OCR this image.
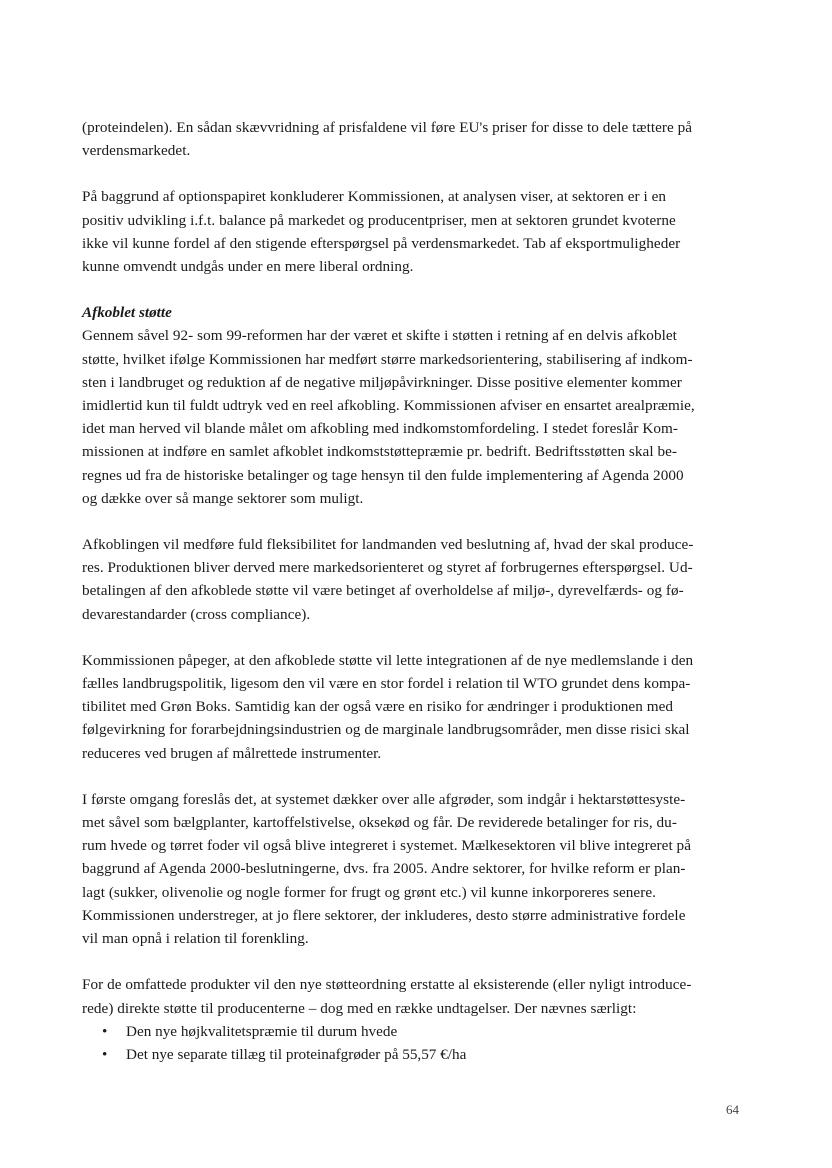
(proteindelen). En sådan skævvridning af prisfaldene vil føre EU's priser for disse to dele tættere på
verdensmarkedet.

På baggrund af optionspapiret konkluderer Kommissionen, at analysen viser, at sektoren er i en
positiv udvikling i.f.t. balance på markedet og producentpriser, men at sektoren grundet kvoterne
ikke vil kunne fordel af den stigende efterspørgsel på verdensmarkedet. Tab af eksportmuligheder
kunne omvendt undgås under en mere liberal ordning.

Afkoblet støtte

Gennem såvel 92- som 99-reformen har der været et skifte i støtten i retning af en delvis afkoblet
støtte, hvilket ifølge Kommissionen har medført større markedsorientering, stabilisering af indkom-
sten i landbruget og reduktion af de negative miljøpåvirkninger. Disse positive elementer kommer
imidlertid kun til fuldt udtryk ved en reel afkobling. Kommissionen afviser en ensartet arealpræmie,
idet man herved vil blande målet om afkobling med indkomstomfordeling. I stedet foreslår Kom-
missionen at indføre en samlet afkoblet indkomststøttepræmie pr. bedrift. Bedriftsstøtten skal be-
regnes ud fra de historiske betalinger og tage hensyn til den fulde implementering af Agenda 2000
og dække over så mange sektorer som muligt.

Afkoblingen vil medføre fuld fleksibilitet for landmanden ved beslutning af, hvad der skal produce-
res. Produktionen bliver derved mere markedsorienteret og styret af forbrugernes efterspørgsel. Ud-
betalingen af den afkoblede støtte vil være betinget af overholdelse af miljø-, dyrevelfærds- og fø-
devarestandarder (cross compliance).

Kommissionen påpeger, at den afkoblede støtte vil lette integrationen af de nye medlemslande i den
fælles landbrugspolitik, ligesom den vil være en stor fordel i relation til WTO grundet dens kompa-
tibilitet med Grøn Boks. Samtidig kan der også være en risiko for ændringer i produktionen med
følgevirkning for forarbejdningsindustrien og de marginale landbrugsområder, men disse risici skal
reduceres ved brugen af målrettede instrumenter.

I første omgang foreslås det, at systemet dækker over alle afgrøder, som indgår i hektarstøttesyste-
met såvel som bælgplanter, kartoffelstivelse, oksekød og får. De reviderede betalinger for ris, du-
rum hvede og tørret foder vil også blive integreret i systemet. Mælkesektoren vil blive integreret på
baggrund af Agenda 2000-beslutningerne, dvs. fra 2005. Andre sektorer, for hvilke reform er plan-
lagt (sukker, olivenolie og nogle former for frugt og grønt etc.) vil kunne inkorporeres senere.
Kommissionen understreger, at jo flere sektorer, der inkluderes, desto større administrative fordele
vil man opnå i relation til forenkling.

For de omfattede produkter vil den nye støtteordning erstatte al eksisterende (eller nyligt introduce-
rede) direkte støtte til producenterne – dog med en række undtagelser. Der nævnes særligt:

• Den nye højkvalitetspræmie til durum hvede
• Det nye separate tillæg til proteinafgrøder på 55,57 €/ha
64
